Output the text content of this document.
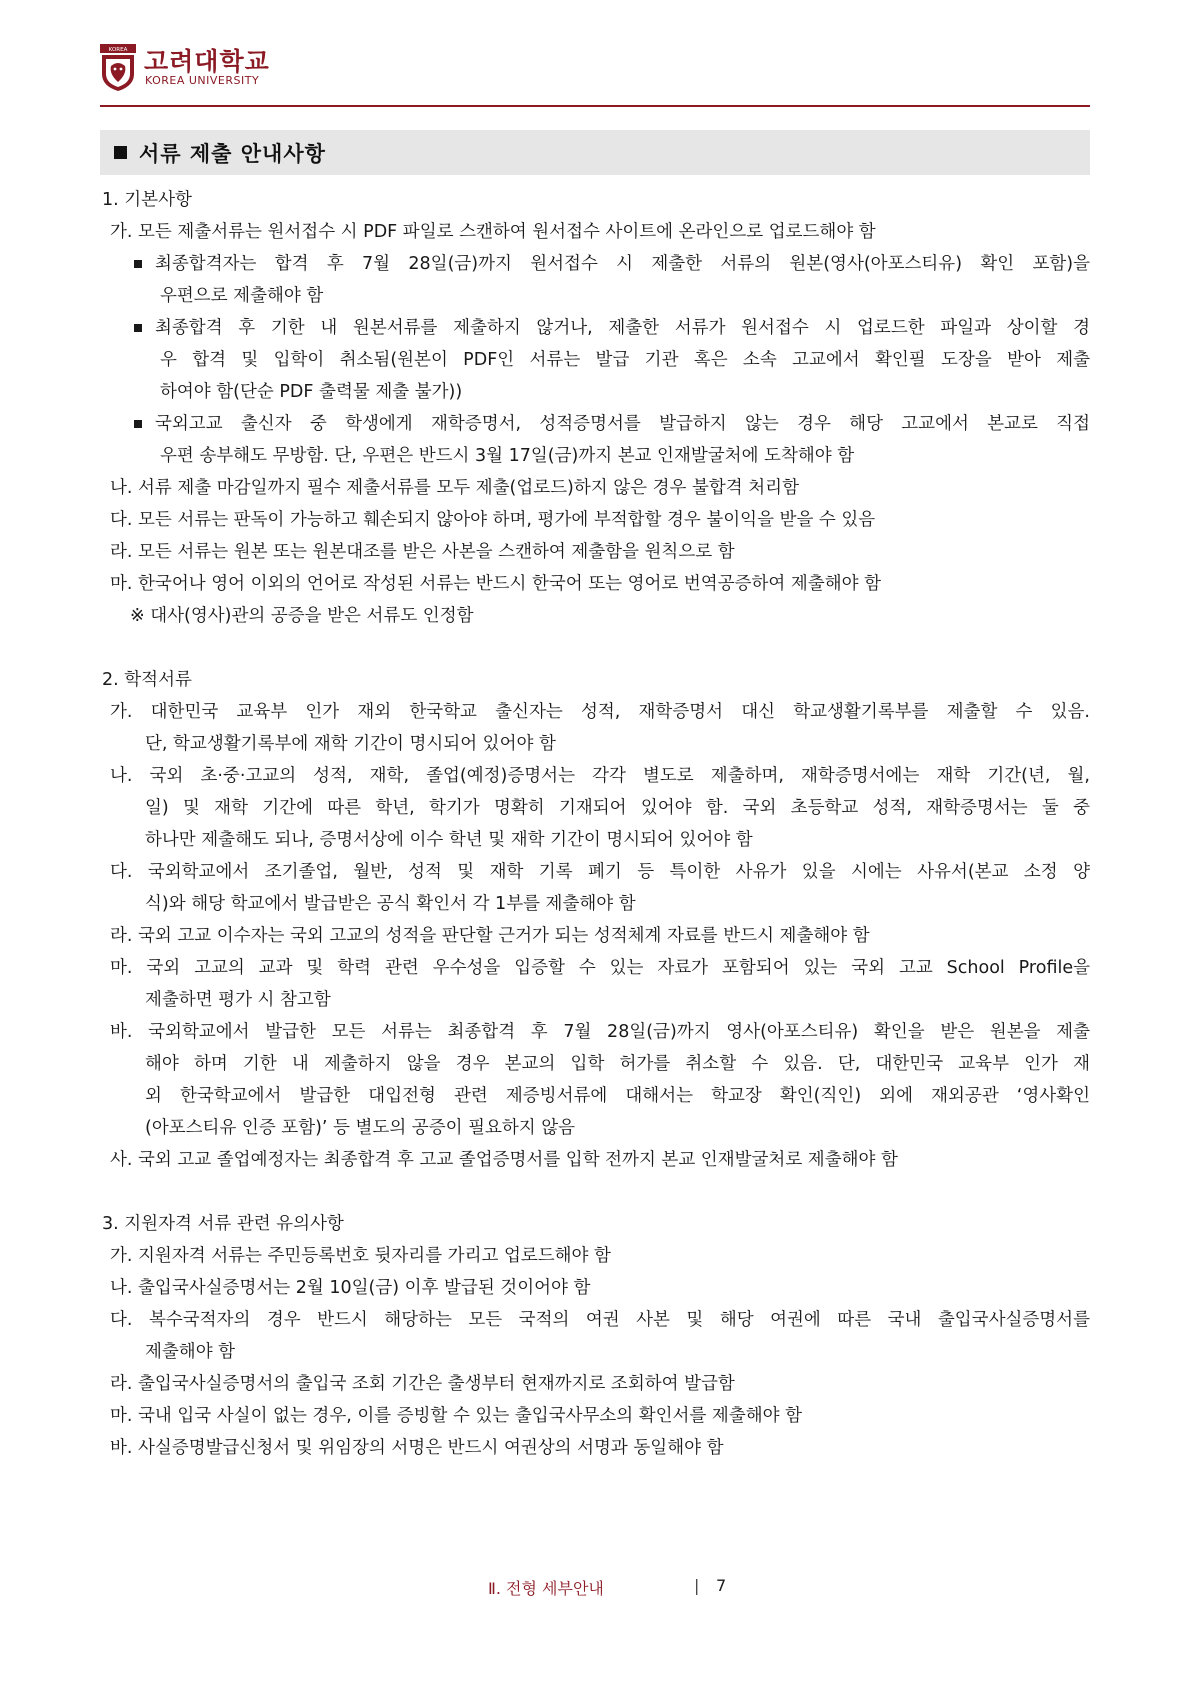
KOREA 고려대학교
KOREA UNIVERSITY
서류 제출 안내사항
1. 기본사항
가. 모든 제출서류는 원서접수 시 PDF 파일로 스캔하여 원서접수 사이트에 온라인으로 업로드해야 함
최종합격자는 합격 후 7월 28일(금)까지 원서접수 시 제출한 서류의 원본(영사(아포스티유) 확인 포함)을
우편으로 제출해야 함
최종합격 후 기한 내 원본서류를 제출하지 않거나, 제출한 서류가 원서접수 시 업로드한 파일과 상이할 경
우 합격 및 입학이 취소됨(원본이 PDF인 서류는 발급 기관 혹은 소속 고교에서 확인필 도장을 받아 제출
하여야 함(단순 PDF 출력물 제출 불가))
국외고교 출신자 중 학생에게 재학증명서, 성적증명서를 발급하지 않는 경우 해당 고교에서 본교로 직접
우편 송부해도 무방함. 단, 우편은 반드시 3월 17일(금)까지 본교 인재발굴처에 도착해야 함
나. 서류 제출 마감일까지 필수 제출서류를 모두 제출(업로드)하지 않은 경우 불합격 처리함
다. 모든 서류는 판독이 가능하고 훼손되지 않아야 하며, 평가에 부적합할 경우 불이익을 받을 수 있음
라. 모든 서류는 원본 또는 원본대조를 받은 사본을 스캔하여 제출함을 원칙으로 함
마. 한국어나 영어 이외의 언어로 작성된 서류는 반드시 한국어 또는 영어로 번역공증하여 제출해야 함
※ 대사(영사)관의 공증을 받은 서류도 인정함
2. 학적서류
가. 대한민국 교육부 인가 재외 한국학교 출신자는 성적, 재학증명서 대신 학교생활기록부를 제출할 수 있음.
단, 학교생활기록부에 재학 기간이 명시되어 있어야 함
나. 국외 초·중·고교의 성적, 재학, 졸업(예정)증명서는 각각 별도로 제출하며, 재학증명서에는 재학 기간(년, 월,
일) 및 재학 기간에 따른 학년, 학기가 명확히 기재되어 있어야 함. 국외 초등학교 성적, 재학증명서는 둘 중
하나만 제출해도 되나, 증명서상에 이수 학년 및 재학 기간이 명시되어 있어야 함
다. 국외학교에서 조기졸업, 월반, 성적 및 재학 기록 폐기 등 특이한 사유가 있을 시에는 사유서(본교 소정 양
식)와 해당 학교에서 발급받은 공식 확인서 각 1부를 제출해야 함
라. 국외 고교 이수자는 국외 고교의 성적을 판단할 근거가 되는 성적체계 자료를 반드시 제출해야 함
마. 국외 고교의 교과 및 학력 관련 우수성을 입증할 수 있는 자료가 포함되어 있는 국외 고교 School Profile을
제출하면 평가 시 참고함
바. 국외학교에서 발급한 모든 서류는 최종합격 후 7월 28일(금)까지 영사(아포스티유) 확인을 받은 원본을 제출
해야 하며 기한 내 제출하지 않을 경우 본교의 입학 허가를 취소할 수 있음. 단, 대한민국 교육부 인가 재
외 한국학교에서 발급한 대입전형 관련 제증빙서류에 대해서는 학교장 확인(직인) 외에 재외공관 ‘영사확인
(아포스티유 인증 포함)’ 등 별도의 공증이 필요하지 않음
사. 국외 고교 졸업예정자는 최종합격 후 고교 졸업증명서를 입학 전까지 본교 인재발굴처로 제출해야 함
3. 지원자격 서류 관련 유의사항
가. 지원자격 서류는 주민등록번호 뒷자리를 가리고 업로드해야 함
나. 출입국사실증명서는 2월 10일(금) 이후 발급된 것이어야 함
다. 복수국적자의 경우 반드시 해당하는 모든 국적의 여권 사본 및 해당 여권에 따른 국내 출입국사실증명서를
제출해야 함
라. 출입국사실증명서의 출입국 조회 기간은 출생부터 현재까지로 조회하여 발급함
마. 국내 입국 사실이 없는 경우, 이를 증빙할 수 있는 출입국사무소의 확인서를 제출해야 함
바. 사실증명발급신청서 및 위임장의 서명은 반드시 여권상의 서명과 동일해야 함
Ⅱ. 전형 세부안내	| 7
